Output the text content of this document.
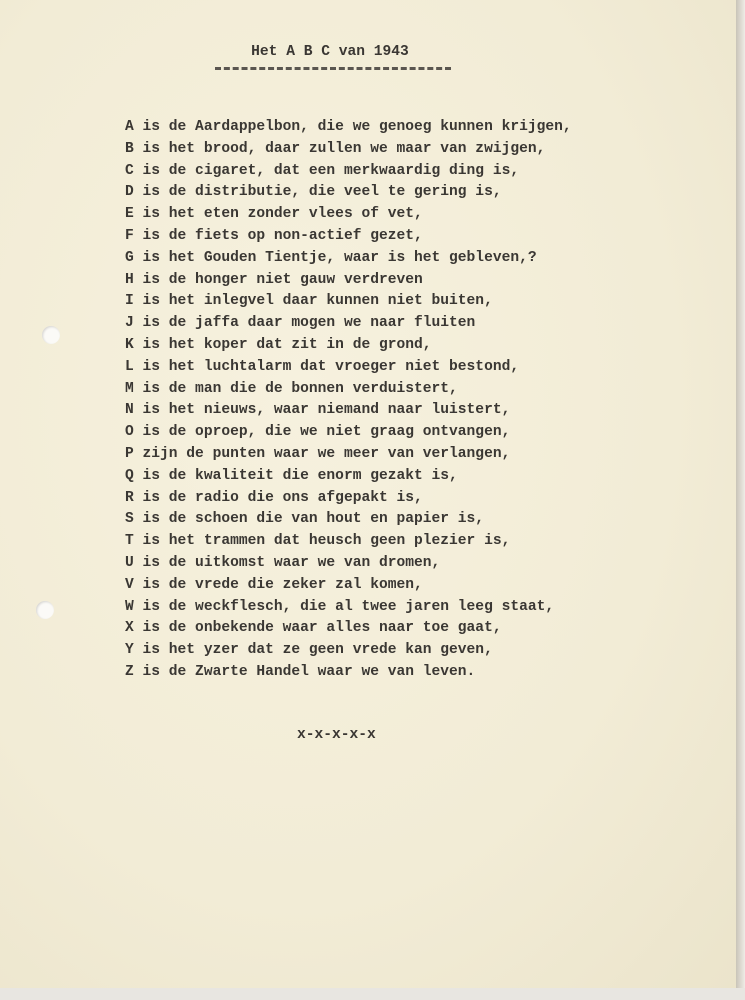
Het A B C van 1943
A is de Aardappelbon, die we genoeg kunnen krijgen,
B is het brood, daar zullen we maar van zwijgen,
C is de cigaret, dat een merkwaardig ding is,
D is de distributie, die veel te gering is,
E is het eten zonder vlees of vet,
F is de fiets op non-actief gezet,
G is het Gouden Tientje, waar is het gebleven,?
H is de honger niet gauw verdreven
I is het inlegvel daar kunnen niet buiten,
J is de jaffa daar mogen we naar fluiten
K is het koper dat zit in de grond,
L is het luchtalarm dat vroeger niet bestond,
M is de man die de bonnen verduistert,
N is het nieuws, waar niemand naar luistert,
O is de oproep, die we niet graag ontvangen,
P zijn de punten waar we meer van verlangen,
Q is de kwaliteit die enorm gezakt is,
R is de radio die ons afgepakt is,
S is de schoen die van hout en papier is,
T is het trammen dat heusch geen plezier is,
U is de uitkomst waar we van dromen,
V is de vrede die zeker zal komen,
W is de weckflesch, die al twee jaren leeg staat,
X is de onbekende waar alles naar toe gaat,
Y is het yzer dat ze geen vrede kan geven,
Z is de Zwarte Handel waar we van leven.
x-x-x-x-x
